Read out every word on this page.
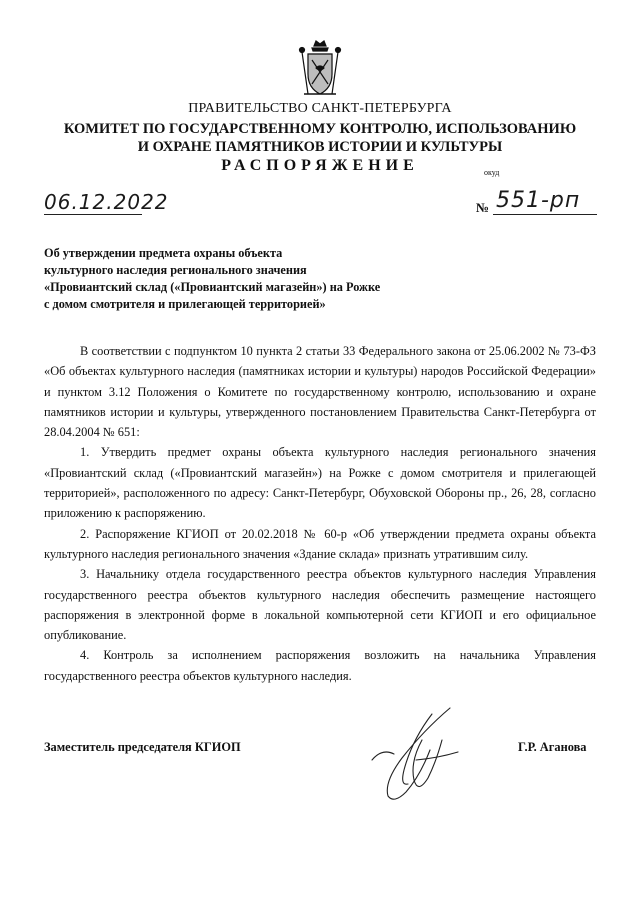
ПРАВИТЕЛЬСТВО САНКТ-ПЕТЕРБУРГА
КОМИТЕТ ПО ГОСУДАРСТВЕННОМУ КОНТРОЛЮ, ИСПОЛЬЗОВАНИЮ
И ОХРАНЕ ПАМЯТНИКОВ ИСТОРИИ И КУЛЬТУРЫ
РАСПОРЯЖЕНИЕ	окуд
06.12.2022	№ 551-рп
Об утверждении предмета охраны объекта
культурного наследия регионального значения
«Провиантский склад («Провиантский магазейн») на Рожке
с домом смотрителя и прилегающей территорией»

В соответствии с подпунктом 10 пункта 2 статьи 33 Федерального закона от 25.06.2002 № 73-ФЗ «Об объектах культурного наследия (памятниках истории и культуры) народов Российской Федерации» и пунктом 3.12 Положения о Комитете по государственному контролю, использованию и охране памятников истории и культуры, утвержденного постановлением Правительства Санкт-Петербурга от 28.04.2004 № 651:

1. Утвердить предмет охраны объекта культурного наследия регионального значения «Провиантский склад («Провиантский магазейн») на Рожке с домом смотрителя и прилегающей территорией», расположенного по адресу: Санкт-Петербург, Обуховской Обороны пр., 26, 28, согласно приложению к распоряжению.

2. Распоряжение КГИОП от 20.02.2018 № 60-р «Об утверждении предмета охраны объекта культурного наследия регионального значения «Здание склада» признать утратившим силу.

3. Начальнику отдела государственного реестра объектов культурного наследия Управления государственного реестра объектов культурного наследия обеспечить размещение настоящего распоряжения в электронной форме в локальной компьютерной сети КГИОП и его официальное опубликование.

4. Контроль за исполнением распоряжения возложить на начальника Управления государственного реестра объектов культурного наследия.

Заместитель председателя КГИОП	Г.Р. Аганова
